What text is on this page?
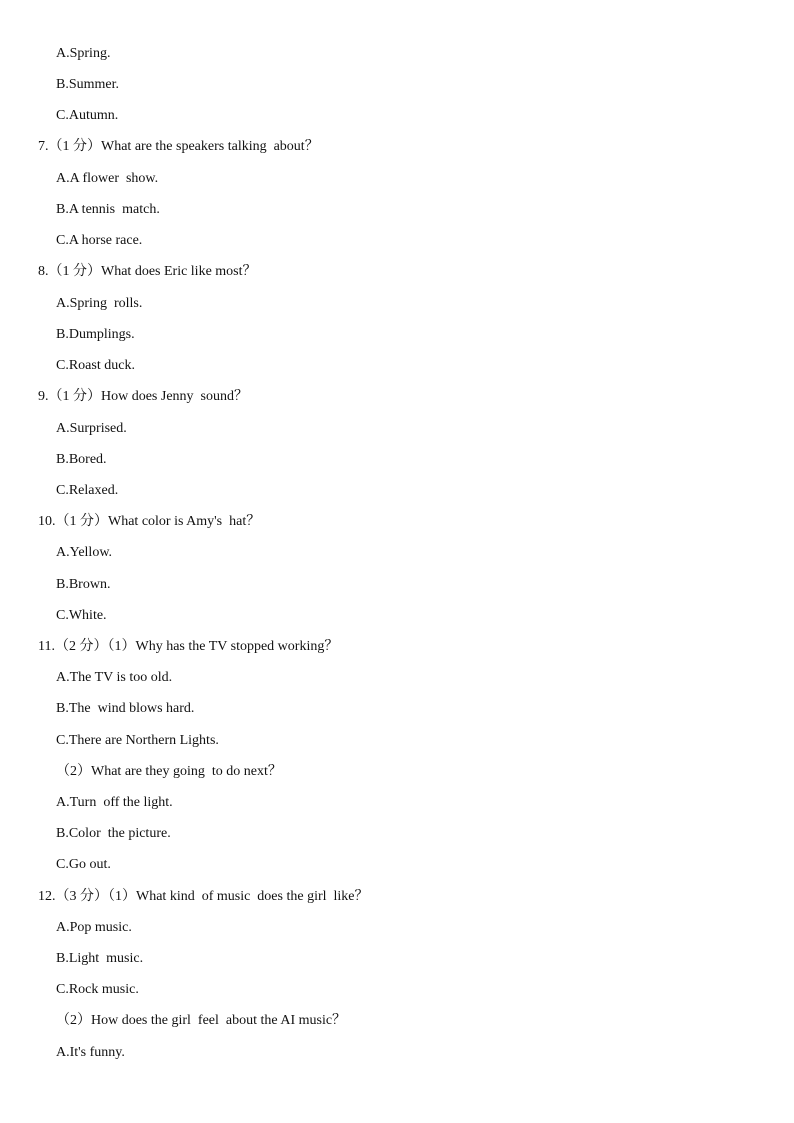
A.Spring.
B.Summer.
C.Autumn.
7.（1 分）What are the speakers talking  about？
A.A flower  show.
B.A tennis  match.
C.A horse race.
8.（1 分）What does Eric like most？
A.Spring  rolls.
B.Dumplings.
C.Roast duck.
9.（1 分）How does Jenny  sound？
A.Surprised.
B.Bored.
C.Relaxed.
10.（1 分）What color is Amy's  hat？
A.Yellow.
B.Brown.
C.White.
11.（2 分）（1）Why has the TV stopped working？
A.The TV is too old.
B.The  wind blows hard.
C.There are Northern Lights.
（2）What are they going  to do next？
A.Turn  off the light.
B.Color  the picture.
C.Go out.
12.（3 分）（1）What kind  of music  does the girl  like？
A.Pop music.
B.Light  music.
C.Rock music.
（2）How does the girl  feel  about the AI music？
A.It's funny.
